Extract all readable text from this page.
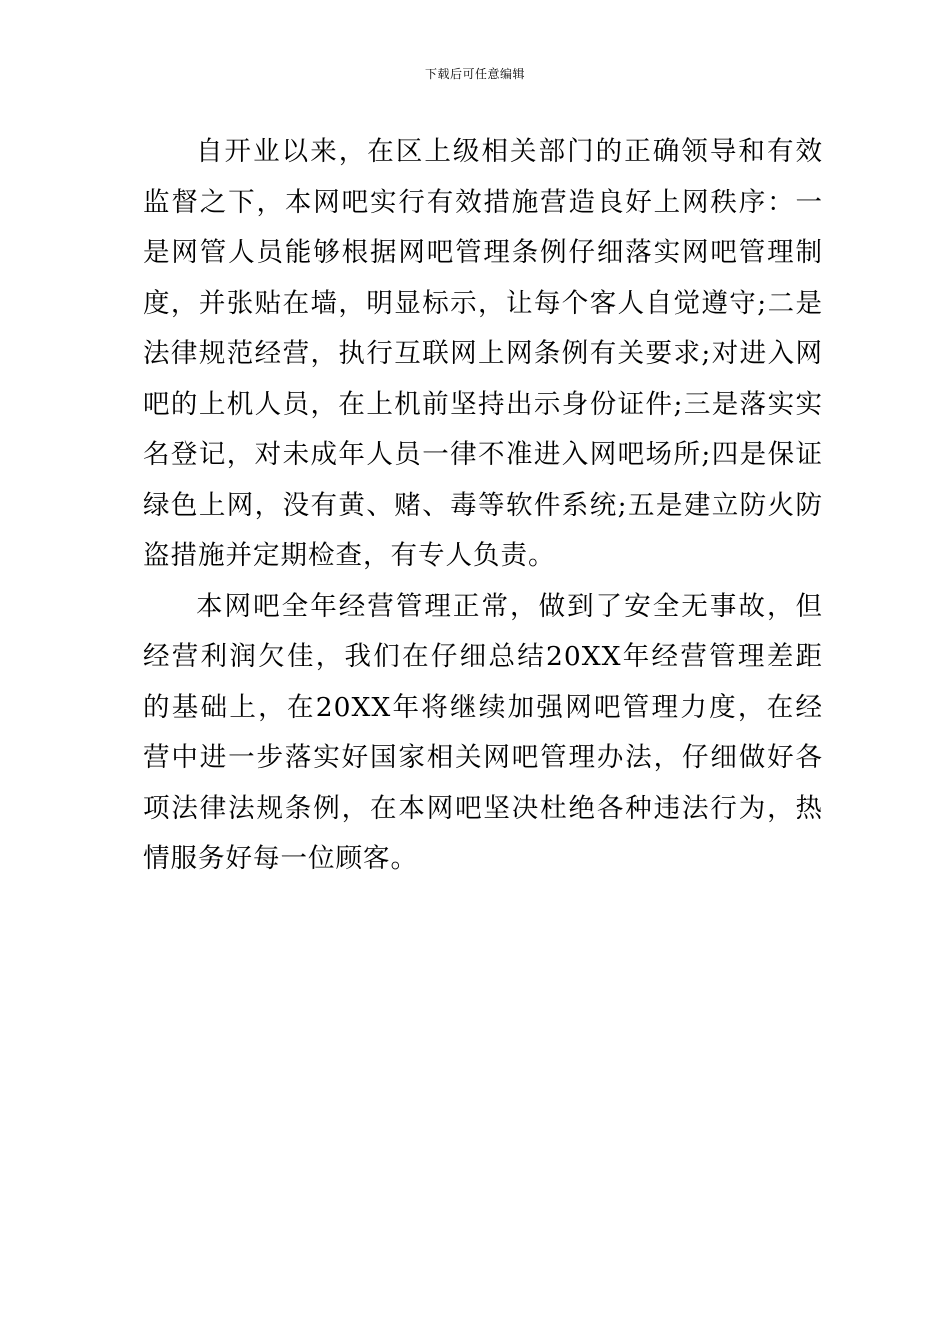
下载后可任意编辑

自开业以来，在区上级相关部门的正确领导和有效监督之下，本网吧实行有效措施营造良好上网秩序：一是网管人员能够根据网吧管理条例仔细落实网吧管理制度，并张贴在墙，明显标示，让每个客人自觉遵守;二是法律规范经营，执行互联网上网条例有关要求;对进入网吧的上机人员，在上机前坚持出示身份证件;三是落实实名登记，对未成年人员一律不准进入网吧场所;四是保证绿色上网，没有黄、赌、毒等软件系统;五是建立防火防盗措施并定期检查，有专人负责。

本网吧全年经营管理正常，做到了安全无事故，但经营利润欠佳，我们在仔细总结20XX年经营管理差距的基础上，在20XX年将继续加强网吧管理力度，在经营中进一步落实好国家相关网吧管理办法，仔细做好各项法律法规条例，在本网吧坚决杜绝各种违法行为，热情服务好每一位顾客。
